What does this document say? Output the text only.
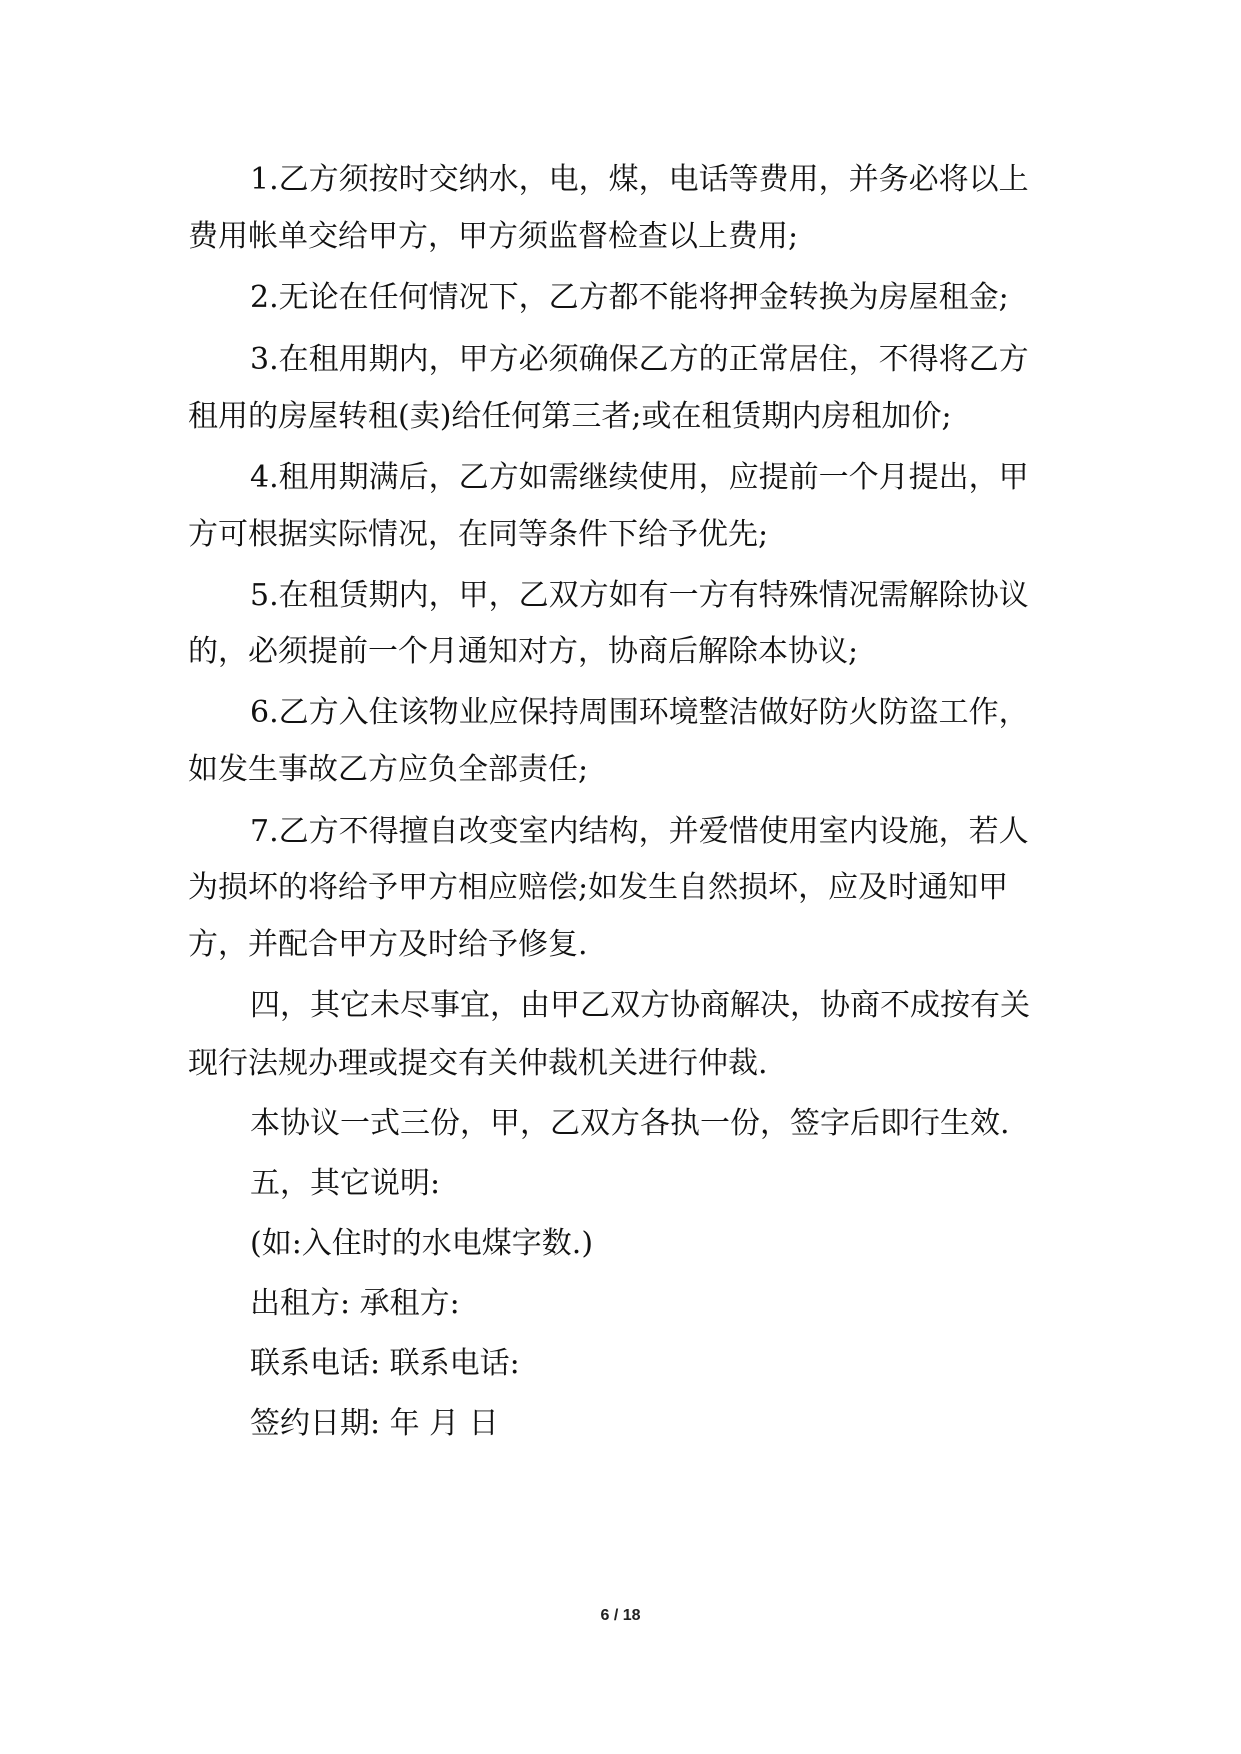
1.乙方须按时交纳水，电，煤，电话等费用，并务必将以上
费用帐单交给甲方，甲方须监督检查以上费用;
2.无论在任何情况下，乙方都不能将押金转换为房屋租金;
3.在租用期内，甲方必须确保乙方的正常居住，不得将乙方
租用的房屋转租(卖)给任何第三者;或在租赁期内房租加价;
4.租用期满后，乙方如需继续使用，应提前一个月提出，甲
方可根据实际情况，在同等条件下给予优先;
5.在租赁期内，甲，乙双方如有一方有特殊情况需解除协议
的，必须提前一个月通知对方，协商后解除本协议;
6.乙方入住该物业应保持周围环境整洁做好防火防盗工作，
如发生事故乙方应负全部责任;
7.乙方不得擅自改变室内结构，并爱惜使用室内设施，若人
为损坏的将给予甲方相应赔偿;如发生自然损坏，应及时通知甲
方，并配合甲方及时给予修复.
四，其它未尽事宜，由甲乙双方协商解决，协商不成按有关
现行法规办理或提交有关仲裁机关进行仲裁.
本协议一式三份，甲，乙双方各执一份，签字后即行生效.
五，其它说明:
(如:入住时的水电煤字数.)
出租方: 承租方:
联系电话: 联系电话:
签约日期: 年 月 日
6 / 18
